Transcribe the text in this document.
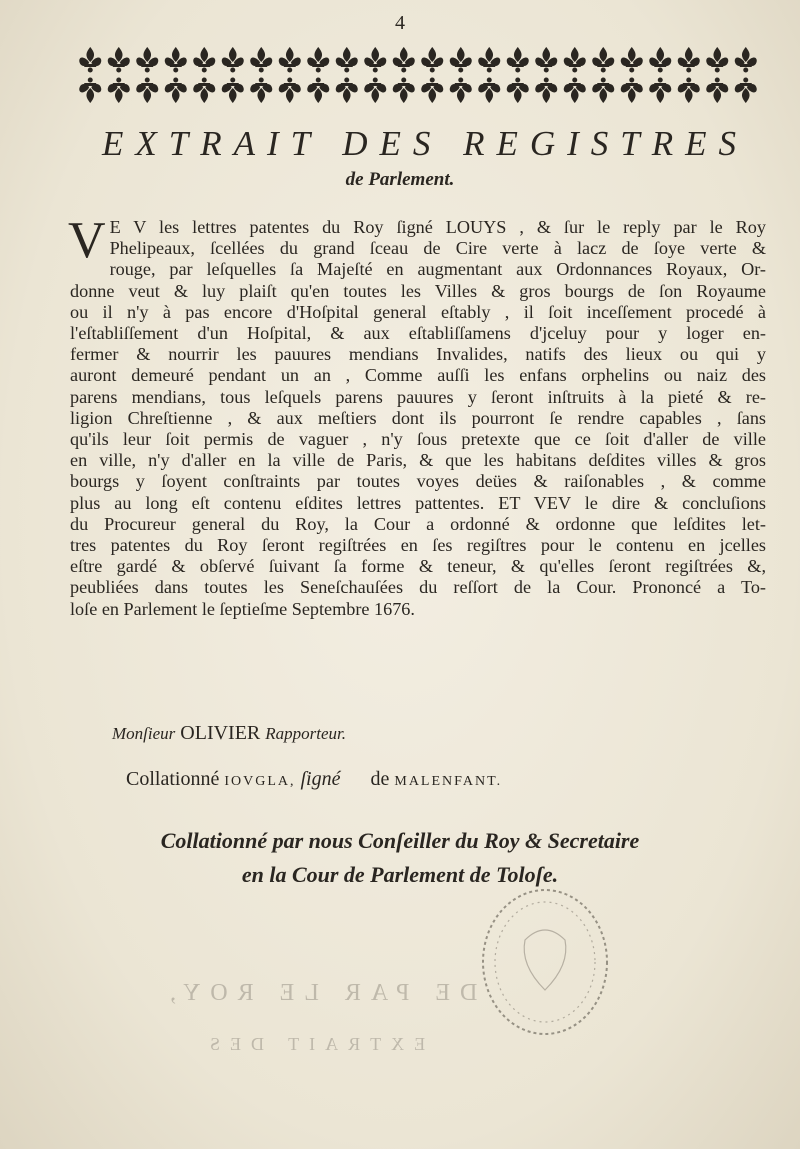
4
EXTRAIT DES REGISTRES
de Parlement.
V E V les lettres patentes du Roy ſigné LOUYS , & ſur le reply par le Roy
Phelipeaux, ſcellées du grand ſceau de Cire verte à lacz de ſoye verte &
rouge, par leſquelles ſa Majeſté en augmentant aux Ordonnances Royaux, Or-
donne veut & luy plaiſt qu'en toutes les Villes & gros bourgs de ſon Royaume
ou il n'y à pas encore d'Hoſpital general eſtably , il ſoit inceſſement procedé à
l'eſtabliſſement d'un Hoſpital, & aux eſtabliſſamens d'jceluy pour y loger en-
fermer & nourrir les pauures mendians Invalides, natifs des lieux ou qui y
auront demeuré pendant un an , Comme auſſi les enfans orphelins ou naiz des
parens mendians, tous leſquels parens pauures y ſeront inſtruits à la pieté & re-
ligion Chreſtienne , & aux meſtiers dont ils pourront ſe rendre capables , ſans
qu'ils leur ſoit permis de vaguer , n'y ſous pretexte que ce ſoit d'aller de ville
en ville, n'y d'aller en la ville de Paris, & que les habitans deſdites villes & gros
bourgs y ſoyent conſtraints par toutes voyes deües & raiſonables , & comme
plus au long eſt contenu eſdites lettres pattentes. ET VEV le dire & concluſions
du Procureur general du Roy, la Cour a ordonné & ordonne que leſdites let-
tres patentes du Roy ſeront regiſtrées en ſes regiſtres pour le contenu en jcelles
eſtre gardé & obſervé ſuivant ſa forme & teneur, & qu'elles ſeront regiſtrées &,
peubliées dans toutes les Seneſchauſées du reſſort de la Cour. Prononcé a To-
loſe en Parlement le ſeptieſme Septembre 1676.
Monſieur OLIVIER Rapporteur.
Collationné IOVGLA, ſigné de MALENFANT.
Collationné par nous Conſeiller du Roy & Secretaire
en la Cour de Parlement de Toloſe.
DE PAR LE ROY,
EXTRAIT DES
